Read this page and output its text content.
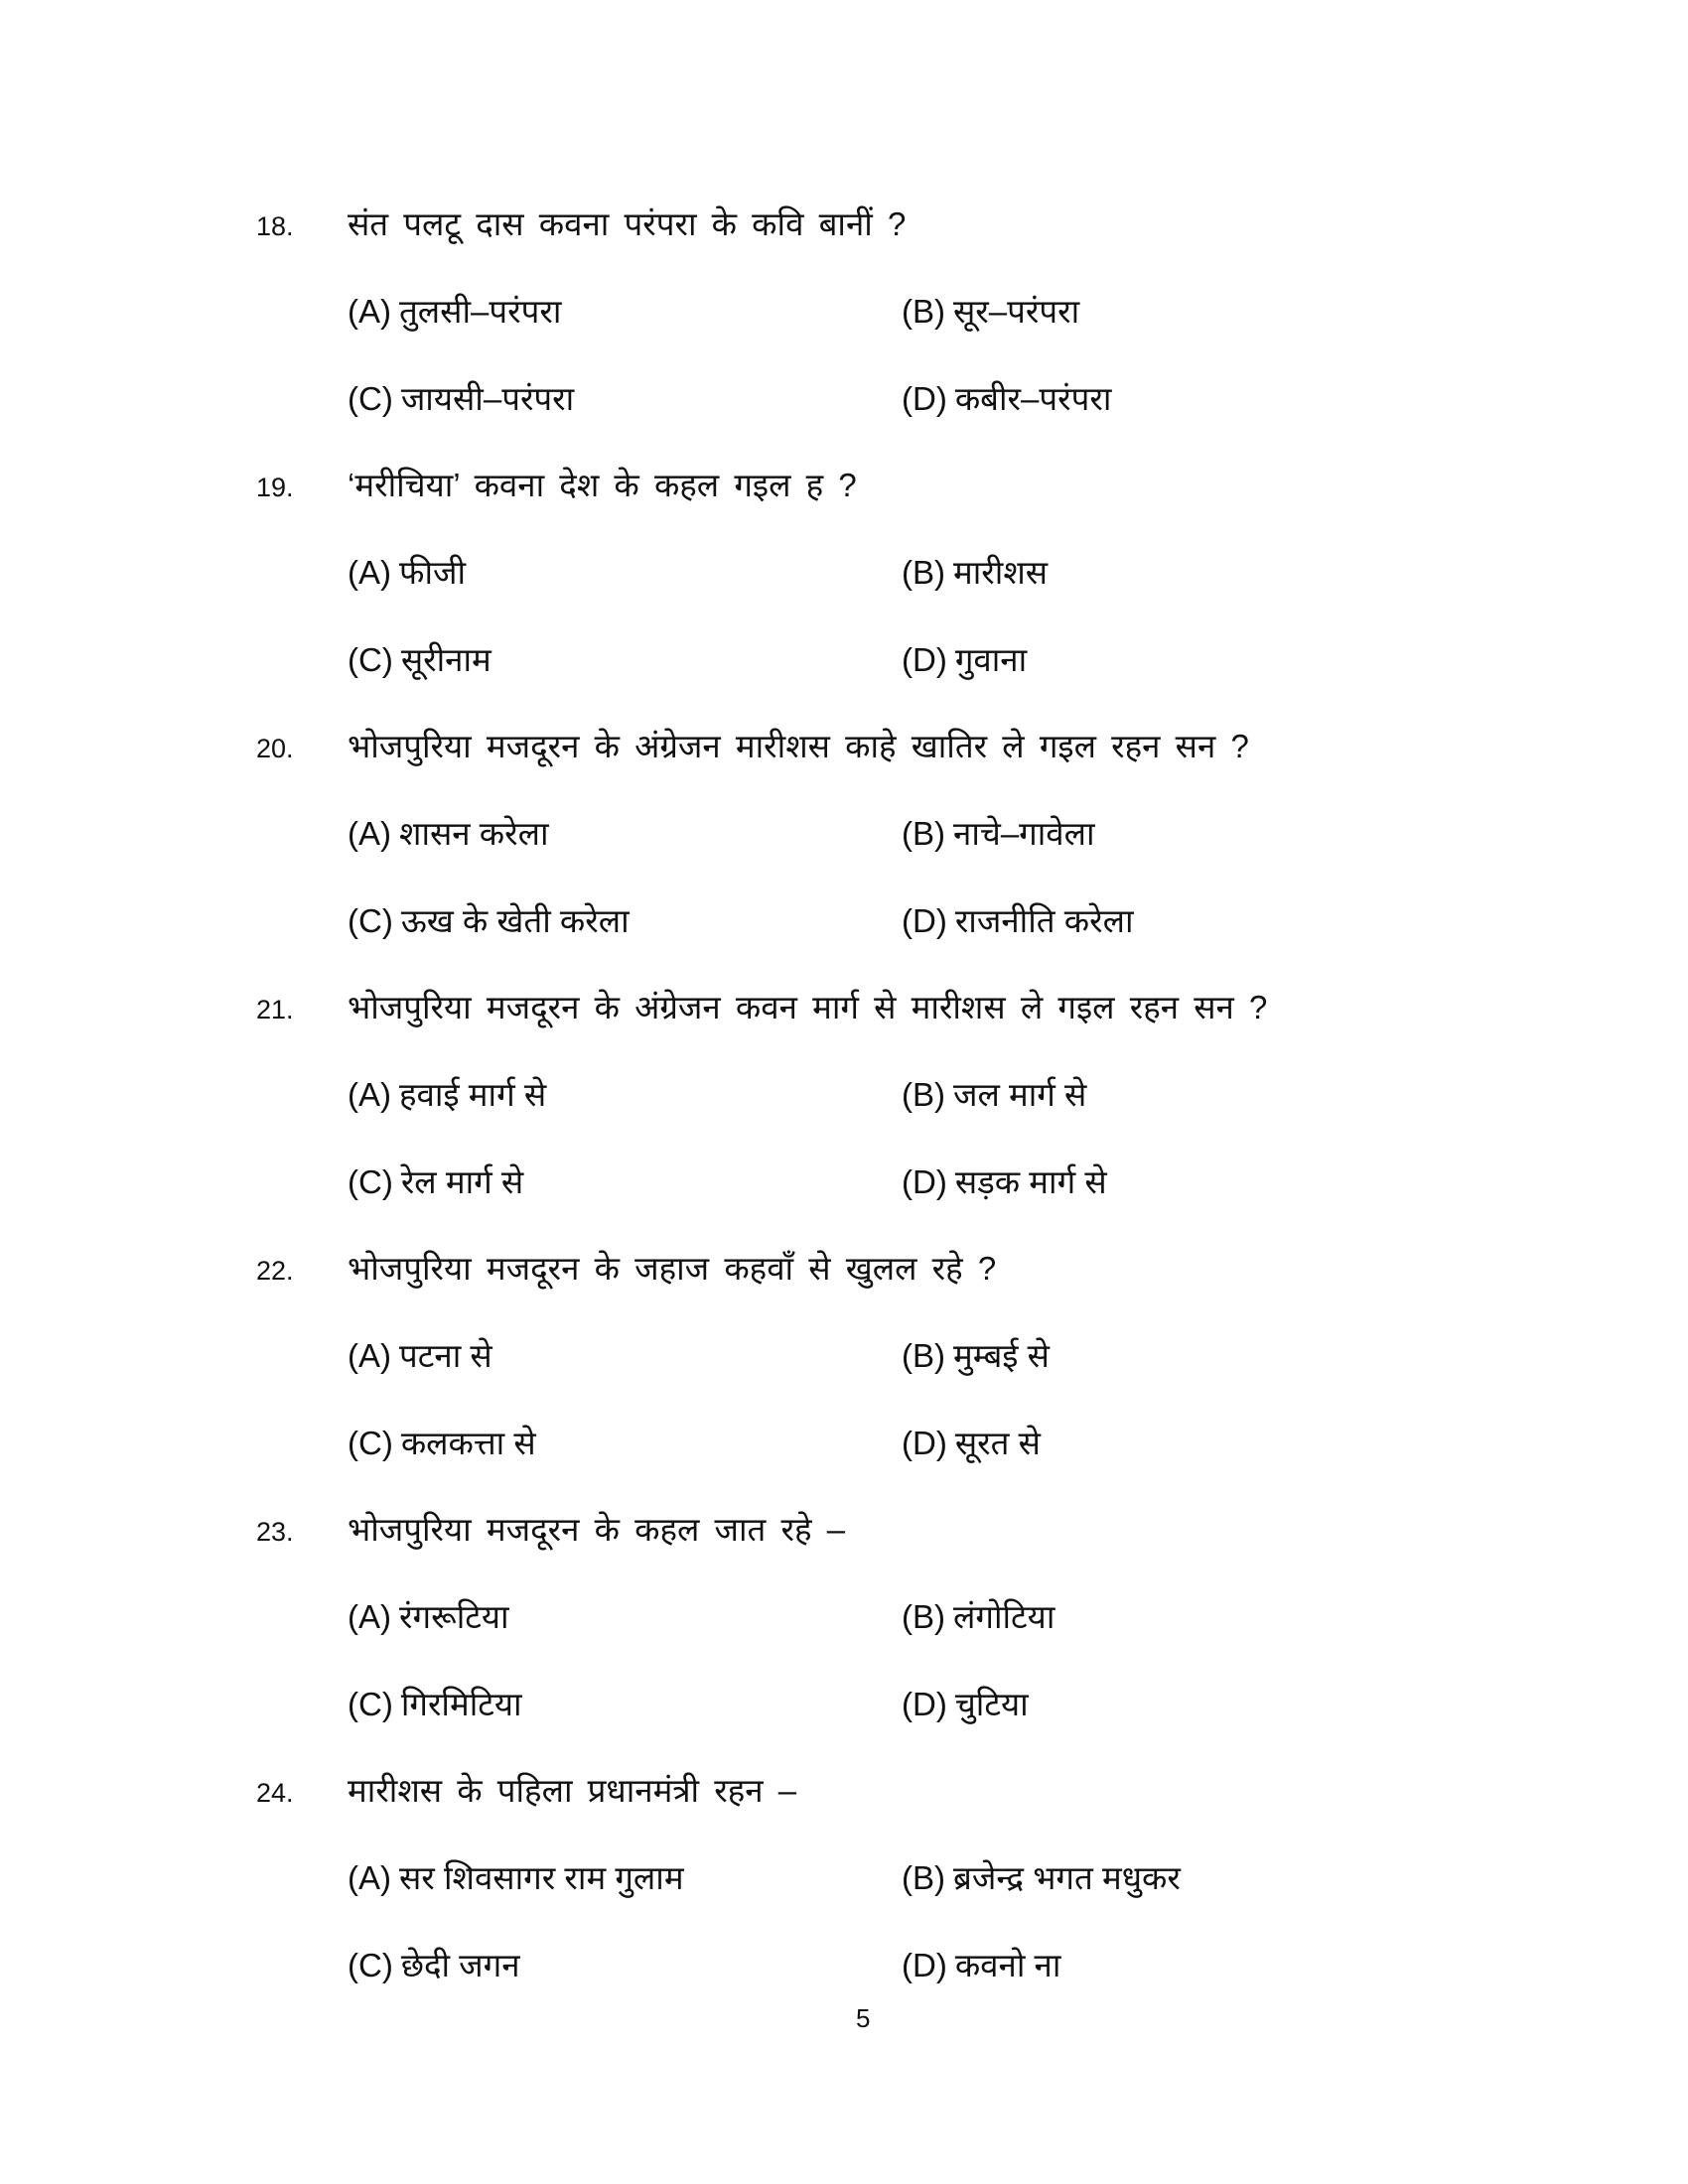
18. संत पलटू दास कवना परंपरा के कवि बानीं ?
(A) तुलसी–परंपरा	(B) सूर–परंपरा
(C) जायसी–परंपरा	(D) कबीर–परंपरा
19. ‘मरीचिया’ कवना देश के कहल गइल ह ?
(A) फीजी	(B) मारीशस
(C) सूरीनाम	(D) गुवाना
20. भोजपुरिया मजदूरन के अंग्रेजन मारीशस काहे खातिर ले गइल रहन सन ?
(A) शासन करेला	(B) नाचे–गावेला
(C) ऊख के खेती करेला	(D) राजनीति करेला
21. भोजपुरिया मजदूरन के अंग्रेजन कवन मार्ग से मारीशस ले गइल रहन सन ?
(A) हवाई मार्ग से	(B) जल मार्ग से
(C) रेल मार्ग से	(D) सड़क मार्ग से
22. भोजपुरिया मजदूरन के जहाज कहवाँ से खुलल रहे ?
(A) पटना से	(B) मुम्बई से
(C) कलकत्ता से	(D) सूरत से
23. भोजपुरिया मजदूरन के कहल जात रहे –
(A) रंगरूटिया	(B) लंगोटिया
(C) गिरमिटिया	(D) चुटिया
24. मारीशस के पहिला प्रधानमंत्री रहन –
(A) सर शिवसागर राम गुलाम	(B) ब्रजेन्द्र भगत मधुकर
(C) छेदी जगन	(D) कवनो ना
5
